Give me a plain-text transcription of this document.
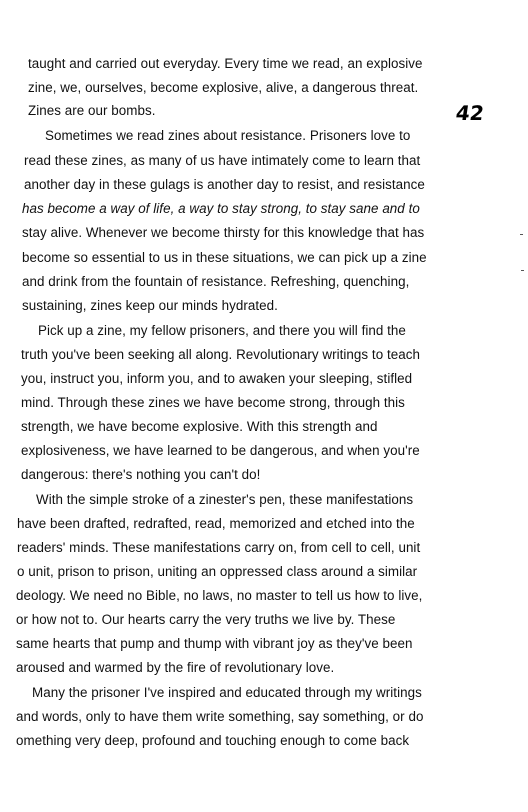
taught and carried out everyday. Every time we read, an explosive
zine, we, ourselves, become explosive, alive, a dangerous threat.
Zines are our bombs.	42
Sometimes we read zines about resistance. Prisoners love to
read these zines, as many of us have intimately come to learn that
another day in these gulags is another day to resist, and resistance
has become a way of life, a way to stay strong, to stay sane and to
stay alive. Whenever we become thirsty for this knowledge that has
become so essential to us in these situations, we can pick up a zine
and drink from the fountain of resistance. Refreshing, quenching,
sustaining, zines keep our minds hydrated.
Pick up a zine, my fellow prisoners, and there you will find the
truth you've been seeking all along. Revolutionary writings to teach
you, instruct you, inform you, and to awaken your sleeping, stifled
mind. Through these zines we have become strong, through this
strength, we have become explosive. With this strength and
explosiveness, we have learned to be dangerous, and when you're
dangerous: there's nothing you can't do!
With the simple stroke of a zinester's pen, these manifestations
have been drafted, redrafted, read, memorized and etched into the
readers' minds. These manifestations carry on, from cell to cell, unit
o unit, prison to prison, uniting an oppressed class around a similar
deology. We need no Bible, no laws, no master to tell us how to live,
or how not to. Our hearts carry the very truths we live by. These
same hearts that pump and thump with vibrant joy as they've been
aroused and warmed by the fire of revolutionary love.
Many the prisoner I've inspired and educated through my writings
and words, only to have them write something, say something, or do
omething very deep, profound and touching enough to come back
